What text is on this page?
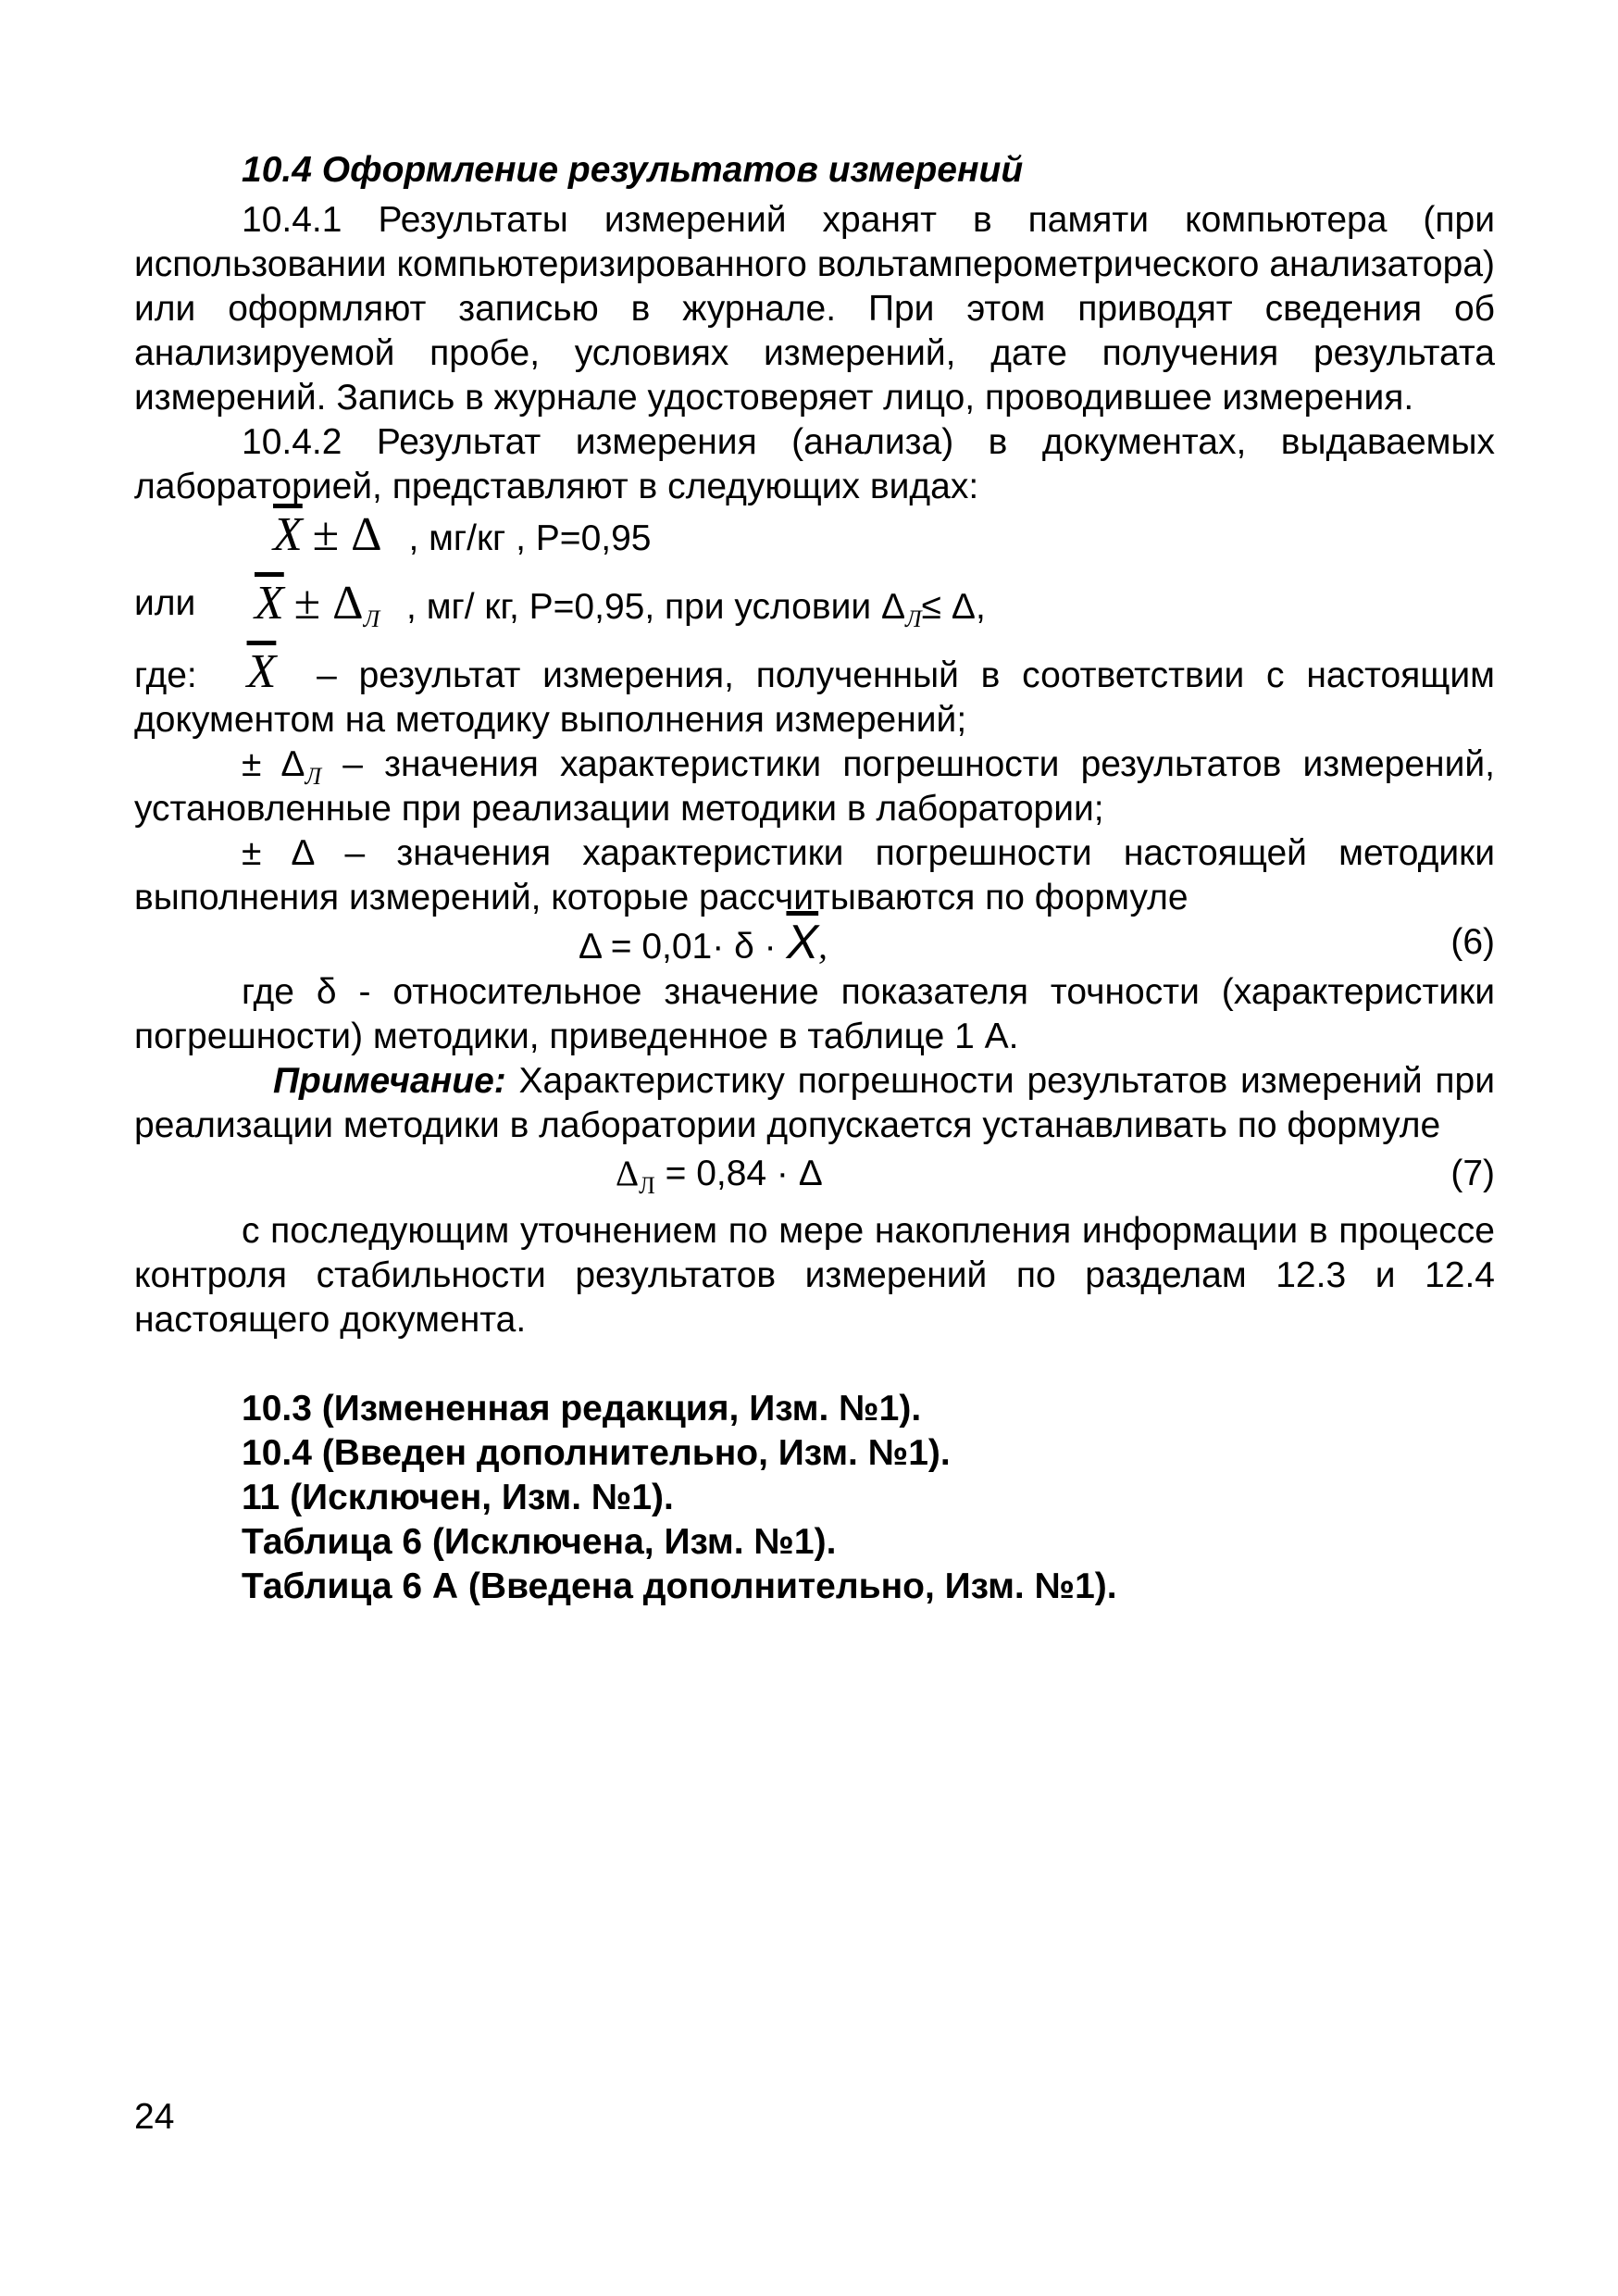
10.4 Оформление результатов измерений

10.4.1 Результаты измерений хранят в памяти компьютера (при использовании компьютеризированного вольтамперометрического анализатора) или оформляют записью в журнале. При этом приводят сведения об анализируемой пробе, условиях измерений, дате получения результата измерений. Запись в журнале удостоверяет лицо, проводившее измерения.

10.4.2 Результат измерения (анализа) в документах, выдаваемых лабораторией, представляют в следующих видах:

$\overline{X} \pm \Delta$ , мг/кг , Р=0,95
или $\overline{X} \pm \Delta_Л$ , мг/ кг, Р=0,95, при условии $\Delta_Л\le \Delta$,

где: $\overline{X}$ – результат измерения, полученный в соответствии с настоящим документом на методику выполнения измерений;

± $\Delta_Л$ – значения характеристики погрешности результатов измерений, установленные при реализации методики в лаборатории;

± Δ – значения характеристики погрешности настоящей методики выполнения измерений, которые рассчитываются по формуле

$\Delta = 0,01\cdot \delta \cdot \overline{X}$,	(6)

где δ - относительное значение показателя точности (характеристики погрешности) методики, приведенное в таблице 1 А.

Примечание: Характеристику погрешности результатов измерений при реализации методики в лаборатории допускается устанавливать по формуле

$\Delta_Л = 0,84 \cdot \Delta$	(7)

с последующим уточнением по мере накопления информации в процессе контроля стабильности результатов измерений по разделам 12.3 и 12.4 настоящего документа.

10.3 (Измененная редакция, Изм. №1).

10.4 (Введен дополнительно, Изм. №1).

11 (Исключен, Изм. №1).

Таблица 6 (Исключена, Изм. №1).

Таблица 6 А (Введена дополнительно, Изм. №1).

24
